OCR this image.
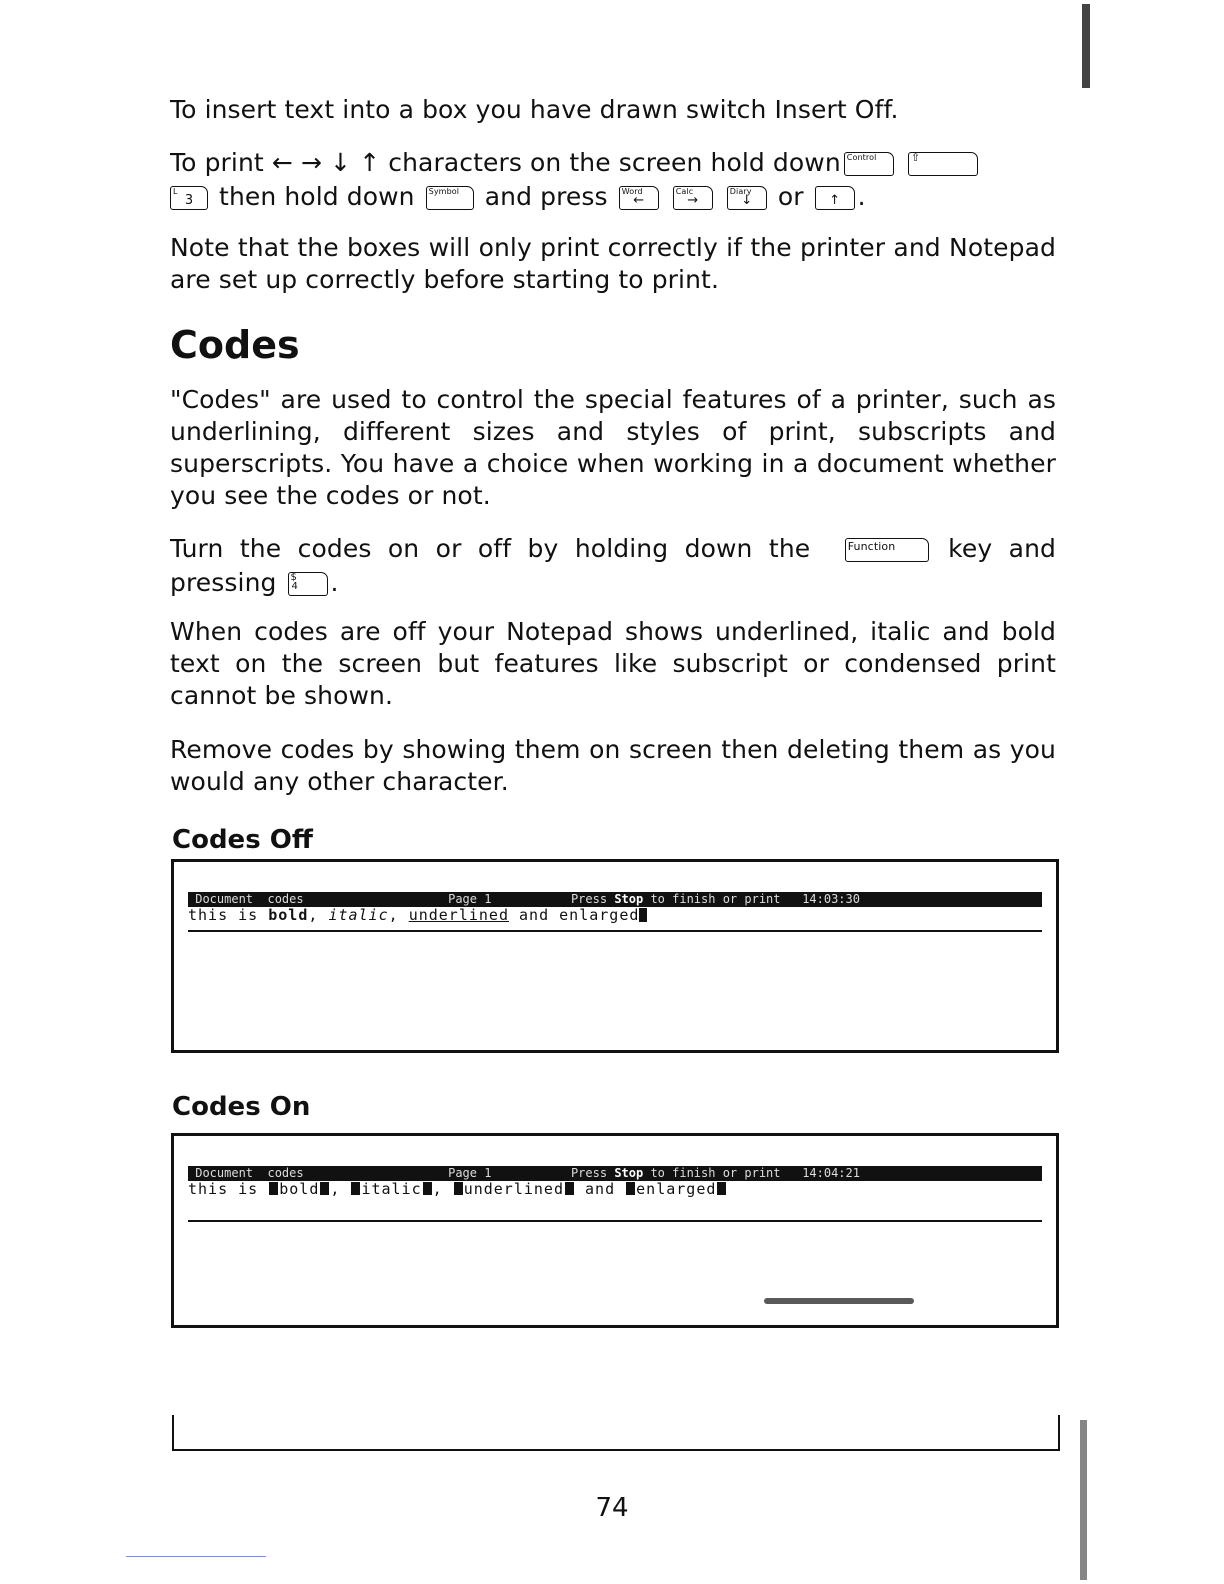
To insert text into a box you have drawn switch Insert Off.

To print ← → ↓ ↑ characters on the screen hold down Control
	⇧

L
3	then hold down Symbol and press Word
←

Calc
→

Diary
↓	or	↑ .

Note that the boxes will only print correctly if the printer and Notepad are set up correctly before starting to print.

Codes

"Codes" are used to control the special features of a printer, such as underlining, different sizes and styles of print, subscripts and superscripts. You have a choice when working in a document whether you see the codes or not.

Turn the codes on or off by holding down the	Function key and pressing $
4	.

When codes are off your Notepad shows underlined, italic and bold text on the screen but features like subscript or condensed print cannot be shown.

Remove codes by showing them on screen then deleting them as you would any other character.

Codes Off
Document  codes	Page 1	Press Stop to finish or print 14:03:30
this is bold, italic, underlined and enlarged
Codes On
Document  codes	Page 1	Press Stop to finish or print 14:04:21
this is bold , italic , underlined and enlarged
74
